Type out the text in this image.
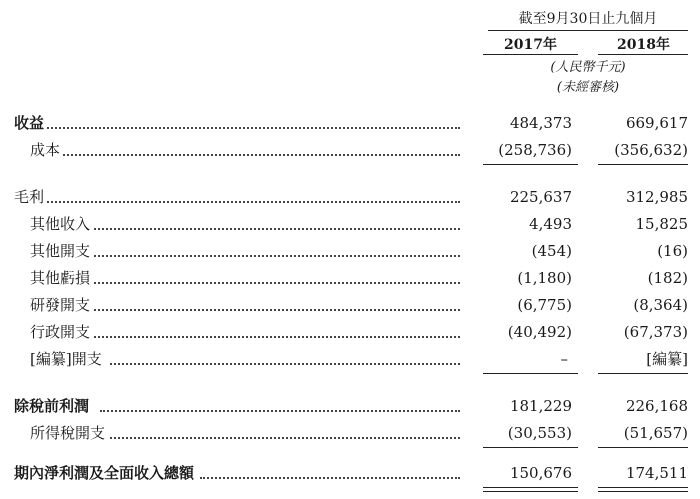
截至9月30日止九個月
2017年	2018年
(人民幣千元)
(未經審核)
收益	484,373	669,617
成本	(258,736)	(356,632)
毛利	225,637	312,985
其他收入	4,493	15,825
其他開支	(454)	(16)
其他虧損	(1,180)	(182)
研發開支	(6,775)	(8,364)
行政開支	(40,492)	(67,373)
[編纂]開支	–	[編纂]
除稅前利潤	181,229	226,168
所得稅開支	(30,553)	(51,657)
期內淨利潤及全面收入總額	150,676	174,511
